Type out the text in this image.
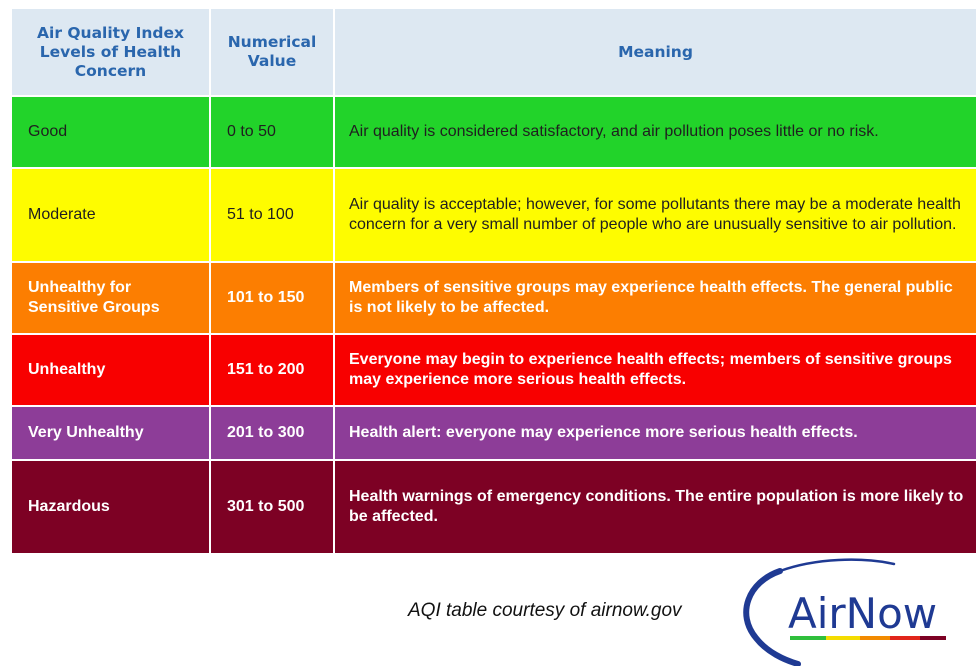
Air Quality Index Levels of Health Concern	Numerical Value	Meaning
Good	0 to 50	Air quality is considered satisfactory, and air pollution poses little or no risk.
Moderate	51 to 100	Air quality is acceptable; however, for some pollutants there may be a moderate health concern for a very small number of people who are unusually sensitive to air pollution.
Unhealthy for Sensitive Groups	101 to 150	Members of sensitive groups may experience health effects. The general public is not likely to be affected.
Unhealthy	151 to 200	Everyone may begin to experience health effects; members of sensitive groups may experience more serious health effects.
Very Unhealthy	201 to 300	Health alert: everyone may experience more serious health effects.
Hazardous	301 to 500	Health warnings of emergency conditions. The entire population is more likely to be affected.
AQI table courtesy of airnow.gov	AirNow
